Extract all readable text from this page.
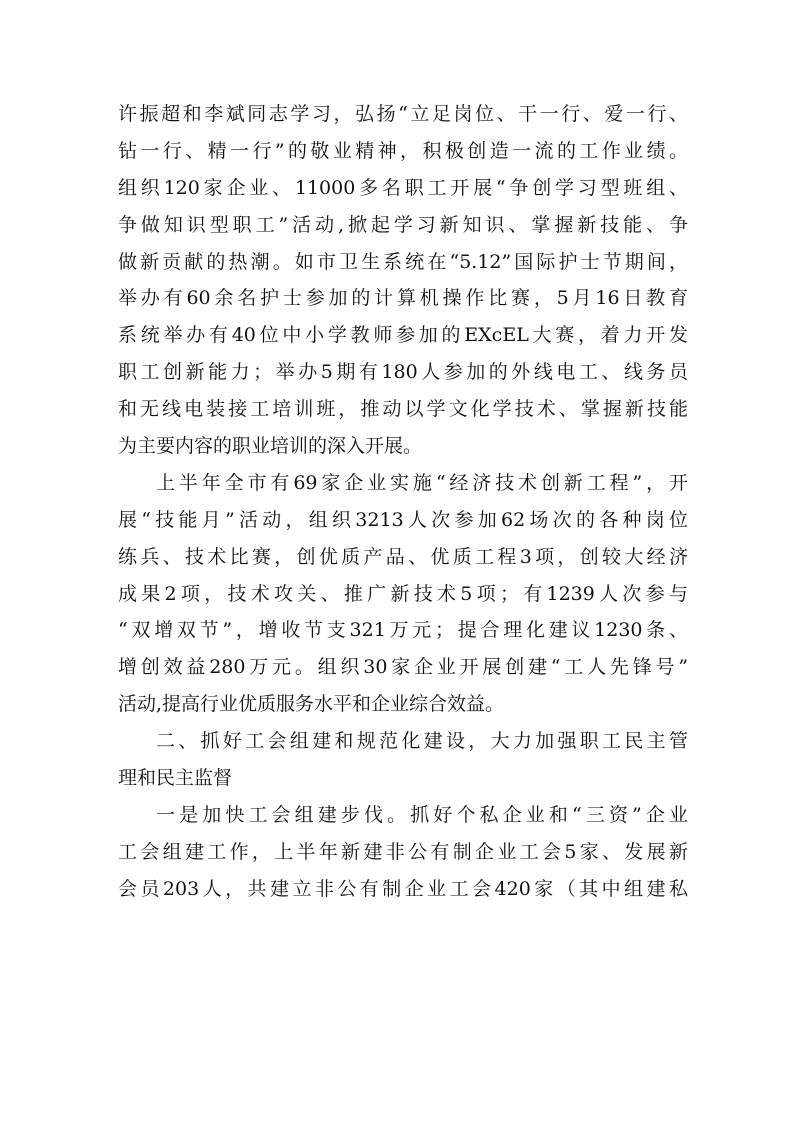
许振超和李斌同志学习，弘扬“立足岗位、干一行、爱一行、
钻一行、精一行”的敬业精神，积极创造一流的工作业绩。
组织120家企业、11000多名职工开展“争创学习型班组、
争做知识型职工”活动,掀起学习新知识、掌握新技能、争
做新贡献的热潮。如市卫生系统在“5.12”国际护士节期间，
举办有60余名护士参加的计算机操作比赛，5月16日教育
系统举办有40位中小学教师参加的EXcEL大赛，着力开发
职工创新能力；举办5期有180人参加的外线电工、线务员
和无线电装接工培训班，推动以学文化学技术、掌握新技能
为主要内容的职业培训的深入开展。
上半年全市有69家企业实施“经济技术创新工程”，开
展“技能月”活动，组织3213人次参加62场次的各种岗位
练兵、技术比赛，创优质产品、优质工程3项，创较大经济
成果2项，技术攻关、推广新技术5项；有1239人次参与
“双增双节”，增收节支321万元；提合理化建议1230条、
增创效益280万元。组织30家企业开展创建“工人先锋号”
活动,提高行业优质服务水平和企业综合效益。
二、抓好工会组建和规范化建设，大力加强职工民主管
理和民主监督
一是加快工会组建步伐。抓好个私企业和“三资”企业
工会组建工作，上半年新建非公有制企业工会5家、发展新
会员203人，共建立非公有制企业工会420家（其中组建私
